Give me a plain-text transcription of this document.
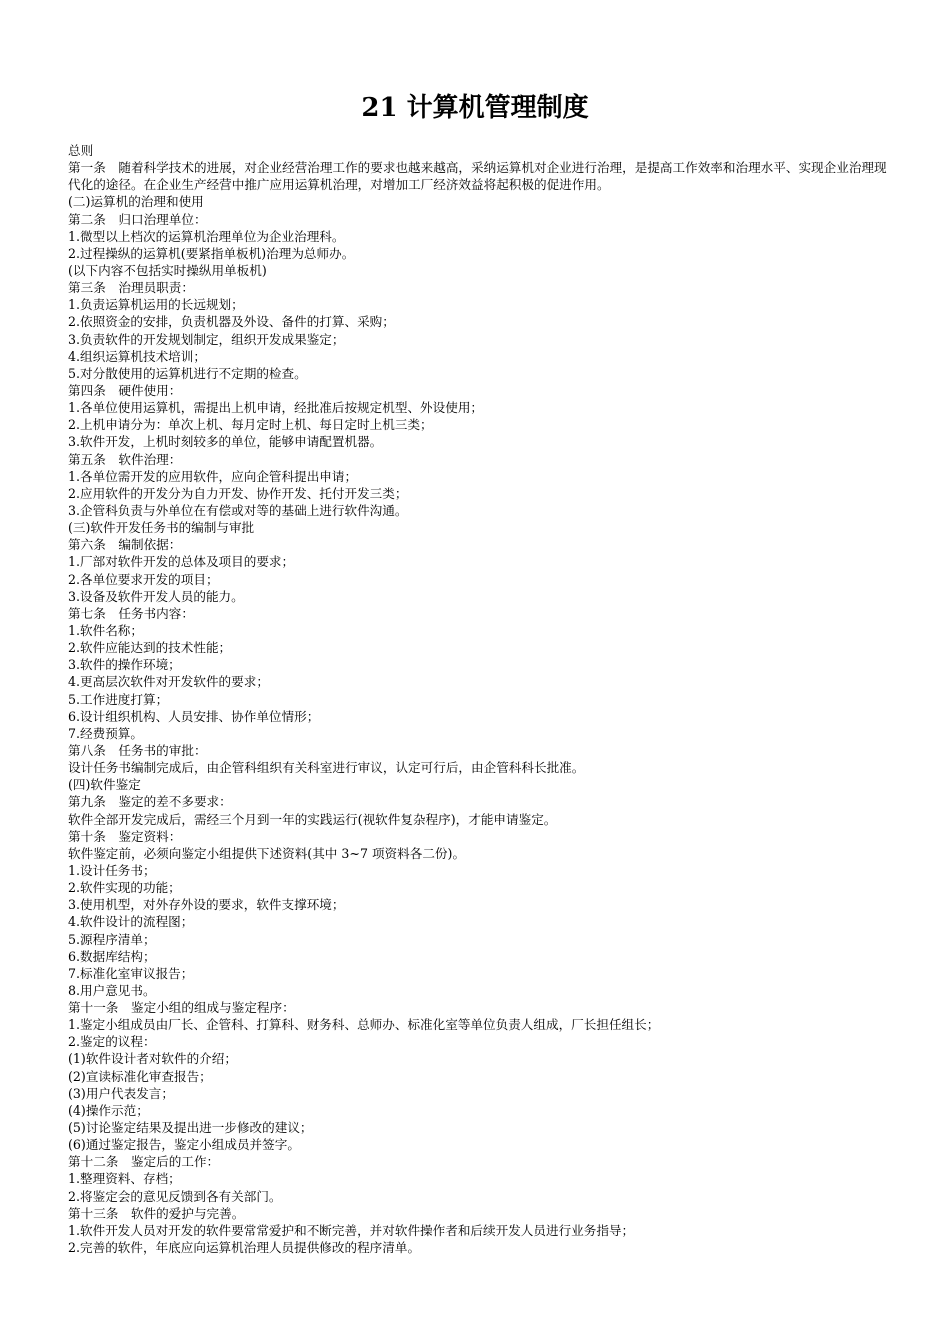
21 计算机管理制度

总则

第一条　随着科学技术的进展，对企业经营治理工作的要求也越来越高，采纳运算机对企业进行治理，是提高工作效率和治理水平、实现企业治理现代化的途径。在企业生产经营中推广应用运算机治理，对增加工厂经济效益将起积极的促进作用。

(二)运算机的治理和使用

第二条　归口治理单位：

1.微型以上档次的运算机治理单位为企业治理科。

2.过程操纵的运算机(要紧指单板机)治理为总师办。

(以下内容不包括实时操纵用单板机)

第三条　治理员职责：

1.负责运算机运用的长远规划；

2.依照资金的安排，负责机器及外设、备件的打算、采购；

3.负责软件的开发规划制定，组织开发成果鉴定；

4.组织运算机技术培训；

5.对分散使用的运算机进行不定期的检查。

第四条　硬件使用：

1.各单位使用运算机，需提出上机申请，经批准后按规定机型、外设使用；

2.上机申请分为：单次上机、每月定时上机、每日定时上机三类；

3.软件开发，上机时刻较多的单位，能够申请配置机器。

第五条　软件治理：

1.各单位需开发的应用软件，应向企管科提出申请；

2.应用软件的开发分为自力开发、协作开发、托付开发三类；

3.企管科负责与外单位在有偿或对等的基础上进行软件沟通。

(三)软件开发任务书的编制与审批

第六条　编制依据：

1.厂部对软件开发的总体及项目的要求；

2.各单位要求开发的项目；

3.设备及软件开发人员的能力。

第七条　任务书内容：

1.软件名称；

2.软件应能达到的技术性能；

3.软件的操作环境；

4.更高层次软件对开发软件的要求；

5.工作进度打算；

6.设计组织机构、人员安排、协作单位情形；

7.经费预算。

第八条　任务书的审批：

设计任务书编制完成后，由企管科组织有关科室进行审议，认定可行后，由企管科科长批准。

(四)软件鉴定

第九条　鉴定的差不多要求：

软件全部开发完成后，需经三个月到一年的实践运行(视软件复杂程序)，才能申请鉴定。

第十条　鉴定资料：

软件鉴定前，必须向鉴定小组提供下述资料(其中 3~7 项资料各二份)。

1.设计任务书；

2.软件实现的功能；

3.使用机型，对外存外设的要求，软件支撑环境；

4.软件设计的流程图；

5.源程序清单；

6.数据库结构；

7.标准化室审议报告；

8.用户意见书。

第十一条　鉴定小组的组成与鉴定程序：

1.鉴定小组成员由厂长、企管科、打算科、财务科、总师办、标准化室等单位负责人组成，厂长担任组长；

2.鉴定的议程：

(1)软件设计者对软件的介绍；

(2)宣读标准化审查报告；

(3)用户代表发言；

(4)操作示范；

(5)讨论鉴定结果及提出进一步修改的建议；

(6)通过鉴定报告，鉴定小组成员并签字。

第十二条　鉴定后的工作：

1.整理资料、存档；

2.将鉴定会的意见反馈到各有关部门。

第十三条　软件的爱护与完善。

1.软件开发人员对开发的软件要常常爱护和不断完善，并对软件操作者和后续开发人员进行业务指导；

2.完善的软件，年底应向运算机治理人员提供修改的程序清单。
